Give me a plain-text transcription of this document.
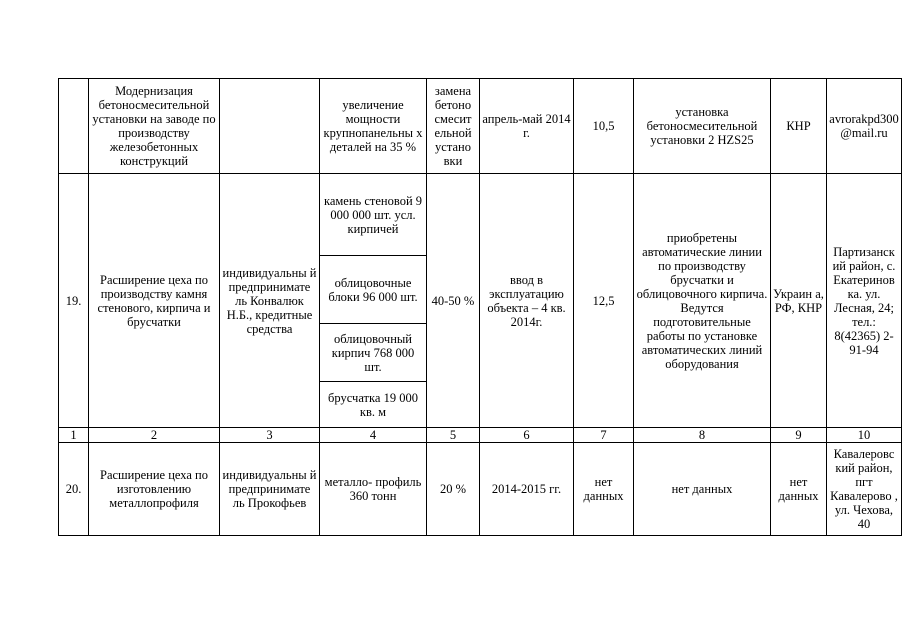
	Модернизация бетоносмесительной установки на заводе по производству железобетонных конструкций		увеличение мощности крупнопанельны х деталей на 35 %	замена бетоно смесит ельной устано вки	апрель-май 2014 г.	10,5	установка бетоносмесительной установки 2 HZS25	КНР	avrorakpd300@mail.ru
19.	Расширение цеха по производству камня стенового, кирпича и брусчатки	индивидуальны й предпринимате ль Конвалюк Н.Б., кредитные средства	камень стеновой 9 000 000 шт. усл. кирпичей	40-50 %	ввод в эксплуатацию объекта – 4 кв. 2014г.	12,5	приобретены автоматические линии по производству брусчатки и облицовочного кирпича. Ведутся подготовительные работы по установке автоматических линий оборудования	Украин а, РФ, КНР	Партизанск ий район, с. Екатеринов ка. ул. Лесная, 24; тел.: 8(42365) 2-91-94
			облицовочные блоки 96 000 шт.						
			облицовочный кирпич 768 000 шт.						
			брусчатка 19 000 кв. м						
1	2	3	4	5	6	7	8	9	10
20.	Расширение цеха по изготовлению металлопрофиля	индивидуальны й предпринимате ль Прокофьев	металло- профиль 360 тонн	20 %	2014-2015 гг.	нет данных	нет данных	нет данных	Кавалеровс кий район, пгт Кавалерово , ул. Чехова, 40
